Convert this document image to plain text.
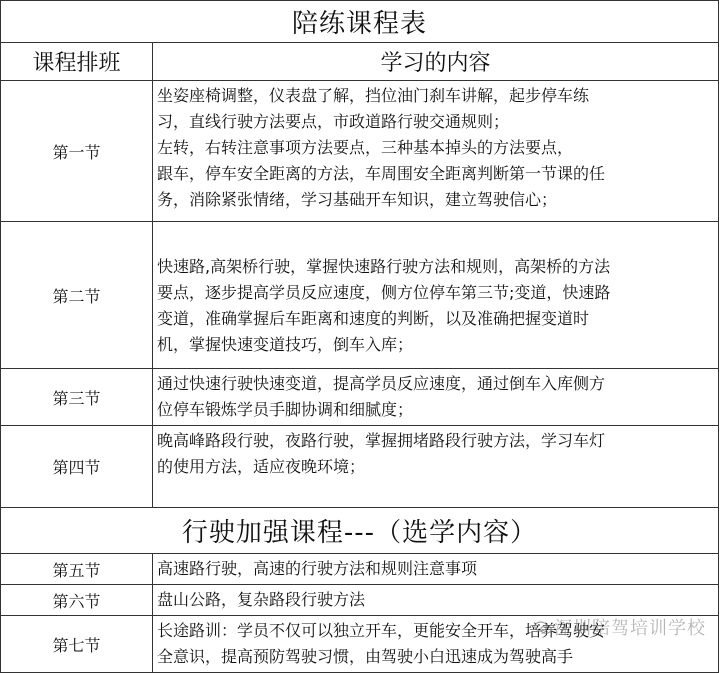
陪练课程表	
课程排班	学习的内容
第一节	坐姿座椅调整，仪表盘了解，挡位油门刹车讲解，起步停车练

习，直线行驶方法要点，市政道路行驶交通规则；

左转，右转注意事项方法要点，三种基本掉头的方法要点，

跟车，停车安全距离的方法，车周围安全距离判断第一节课的任

务，消除紧张情绪，学习基础开车知识，建立驾驶信心；

第二节	快速路,高架桥行驶，掌握快速路行驶方法和规则，高架桥的方法

要点，逐步提高学员反应速度，侧方位停车第三节;变道，快速路

变道，准确掌握后车距离和速度的判断，以及准确把握变道时

机，掌握快速变道技巧，倒车入库；

第三节	通过快速行驶快速变道，提高学员反应速度，通过倒车入库侧方

位停车锻炼学员手脚协调和细腻度；

第四节	晚高峰路段行驶，夜路行驶，掌握拥堵路段行驶方法，学习车灯

的使用方法，适应夜晚环境；

行驶加强课程---（选学内容）	
第五节	高速路行驶，高速的行驶方法和规则注意事项

第六节	盘山公路，复杂路段行驶方法

第七节	长途路训：学员不仅可以独立开车，更能安全开车，培养驾驶安

全意识，提高预防驾驶习惯，由驾驶小白迅速成为驾驶高手

深圳陪驾培训学校
